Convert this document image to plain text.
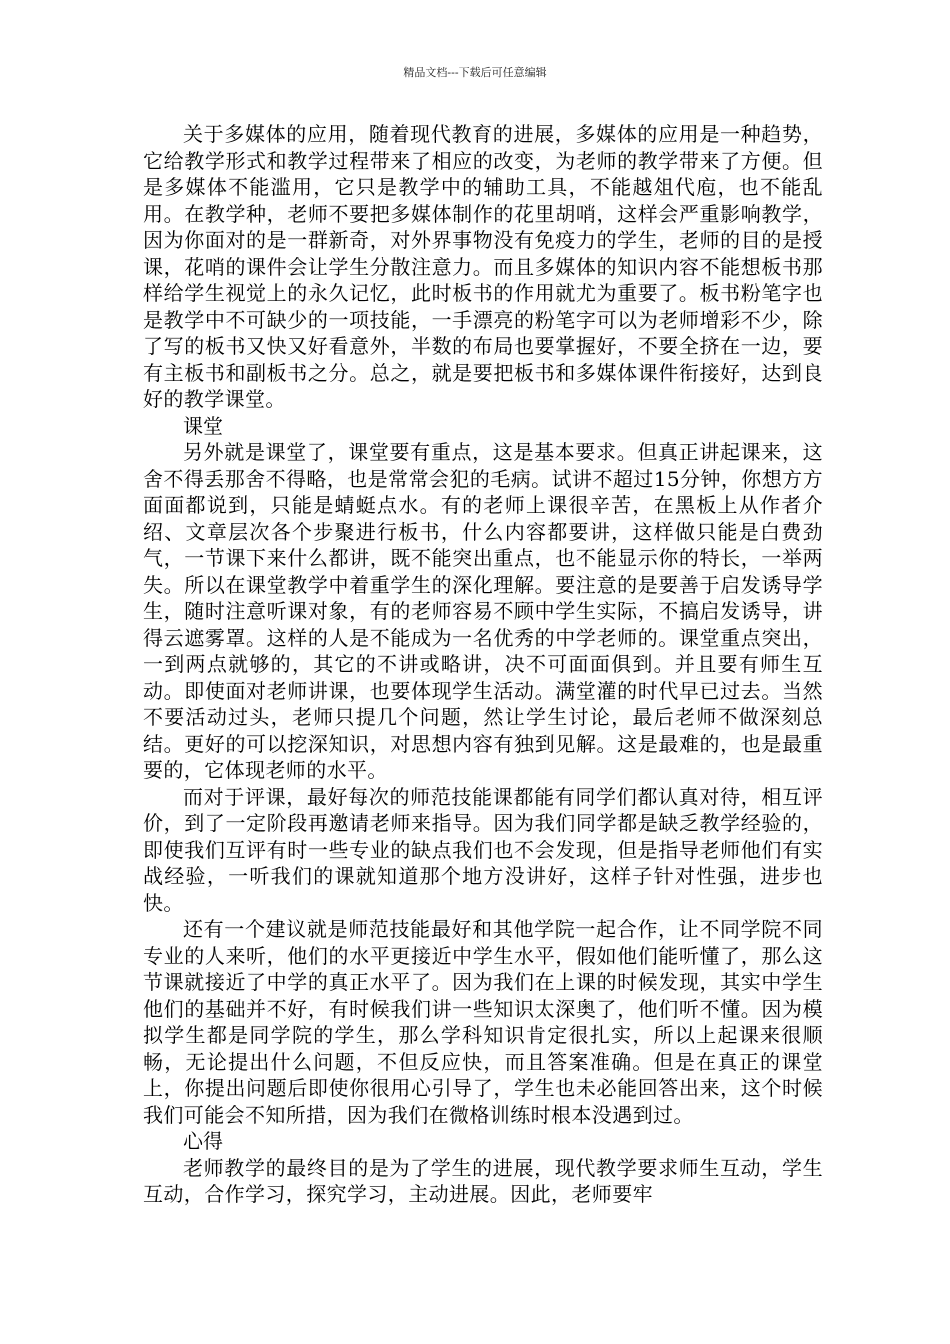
精品文档---下载后可任意编辑

关于多媒体的应用，随着现代教育的进展，多媒体的应用是一种趋势，它给教学形式和教学过程带来了相应的改变，为老师的教学带来了方便。但是多媒体不能滥用，它只是教学中的辅助工具，不能越俎代庖，也不能乱用。在教学种，老师不要把多媒体制作的花里胡哨，这样会严重影响教学，因为你面对的是一群新奇，对外界事物没有免疫力的学生，老师的目的是授课，花哨的课件会让学生分散注意力。而且多媒体的知识内容不能想板书那样给学生视觉上的永久记忆，此时板书的作用就尤为重要了。板书粉笔字也是教学中不可缺少的一项技能，一手漂亮的粉笔字可以为老师增彩不少，除了写的板书又快又好看意外，半数的布局也要掌握好，不要全挤在一边，要有主板书和副板书之分。总之，就是要把板书和多媒体课件衔接好，达到良好的教学课堂。

课堂

另外就是课堂了，课堂要有重点，这是基本要求。但真正讲起课来，这舍不得丢那舍不得略，也是常常会犯的毛病。试讲不超过15分钟，你想方方面面都说到，只能是蜻蜓点水。有的老师上课很辛苦，在黑板上从作者介绍、文章层次各个步聚进行板书，什么内容都要讲，这样做只能是白费劲气，一节课下来什么都讲，既不能突出重点，也不能显示你的特长，一举两失。所以在课堂教学中着重学生的深化理解。要注意的是要善于启发诱导学生，随时注意听课对象，有的老师容易不顾中学生实际，不搞启发诱导，讲得云遮雾罩。这样的人是不能成为一名优秀的中学老师的。课堂重点突出，一到两点就够的，其它的不讲或略讲，决不可面面俱到。并且要有师生互动。即使面对老师讲课，也要体现学生活动。满堂灌的时代早已过去。当然不要活动过头，老师只提几个问题，然让学生讨论，最后老师不做深刻总结。更好的可以挖深知识，对思想内容有独到见解。这是最难的，也是最重要的，它体现老师的水平。

而对于评课，最好每次的师范技能课都能有同学们都认真对待，相互评价，到了一定阶段再邀请老师来指导。因为我们同学都是缺乏教学经验的，即使我们互评有时一些专业的缺点我们也不会发现，但是指导老师他们有实战经验，一听我们的课就知道那个地方没讲好，这样子针对性强，进步也快。

还有一个建议就是师范技能最好和其他学院一起合作，让不同学院不同专业的人来听，他们的水平更接近中学生水平，假如他们能听懂了，那么这节课就接近了中学的真正水平了。因为我们在上课的时候发现，其实中学生他们的基础并不好，有时候我们讲一些知识太深奥了，他们听不懂。因为模拟学生都是同学院的学生，那么学科知识肯定很扎实，所以上起课来很顺畅，无论提出什么问题，不但反应快，而且答案准确。但是在真正的课堂上，你提出问题后即使你很用心引导了，学生也未必能回答出来，这个时候我们可能会不知所措，因为我们在微格训练时根本没遇到过。

心得

老师教学的最终目的是为了学生的进展，现代教学要求师生互动，学生互动，合作学习，探究学习，主动进展。因此，老师要牢
